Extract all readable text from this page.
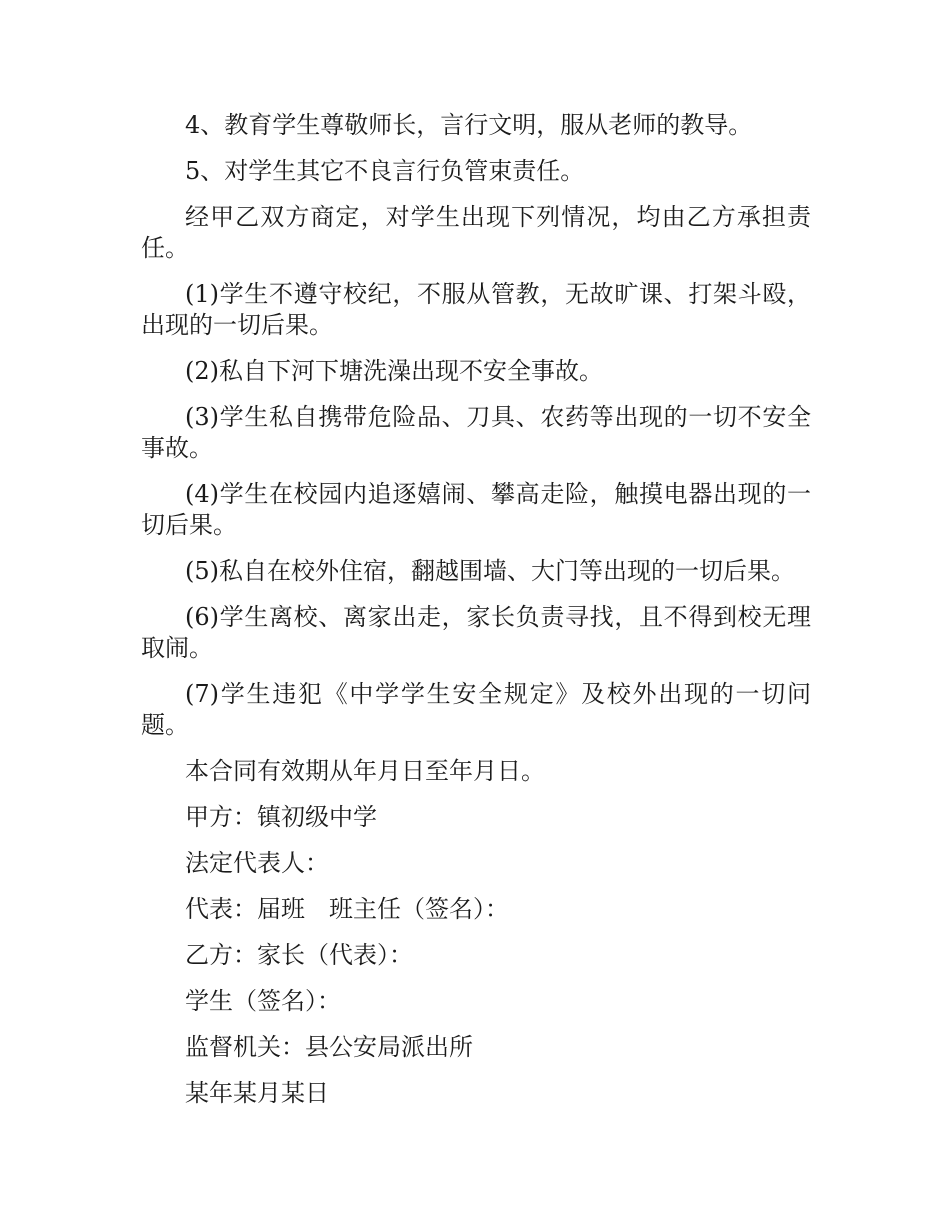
4、教育学生尊敬师长，言行文明，服从老师的教导。

5、对学生其它不良言行负管束责任。

经甲乙双方商定，对学生出现下列情况，均由乙方承担责任。

(1)学生不遵守校纪，不服从管教，无故旷课、打架斗殴，出现的一切后果。

(2)私自下河下塘洗澡出现不安全事故。

(3)学生私自携带危险品、刀具、农药等出现的一切不安全事故。

(4)学生在校园内追逐嬉闹、攀高走险，触摸电器出现的一切后果。

(5)私自在校外住宿，翻越围墙、大门等出现的一切后果。

(6)学生离校、离家出走，家长负责寻找，且不得到校无理取闹。

(7)学生违犯《中学学生安全规定》及校外出现的一切问题。

本合同有效期从年月日至年月日。

甲方：镇初级中学

法定代表人：

代表：届班　班主任（签名）：

乙方：家长（代表）：

学生（签名）：

监督机关：县公安局派出所

某年某月某日
